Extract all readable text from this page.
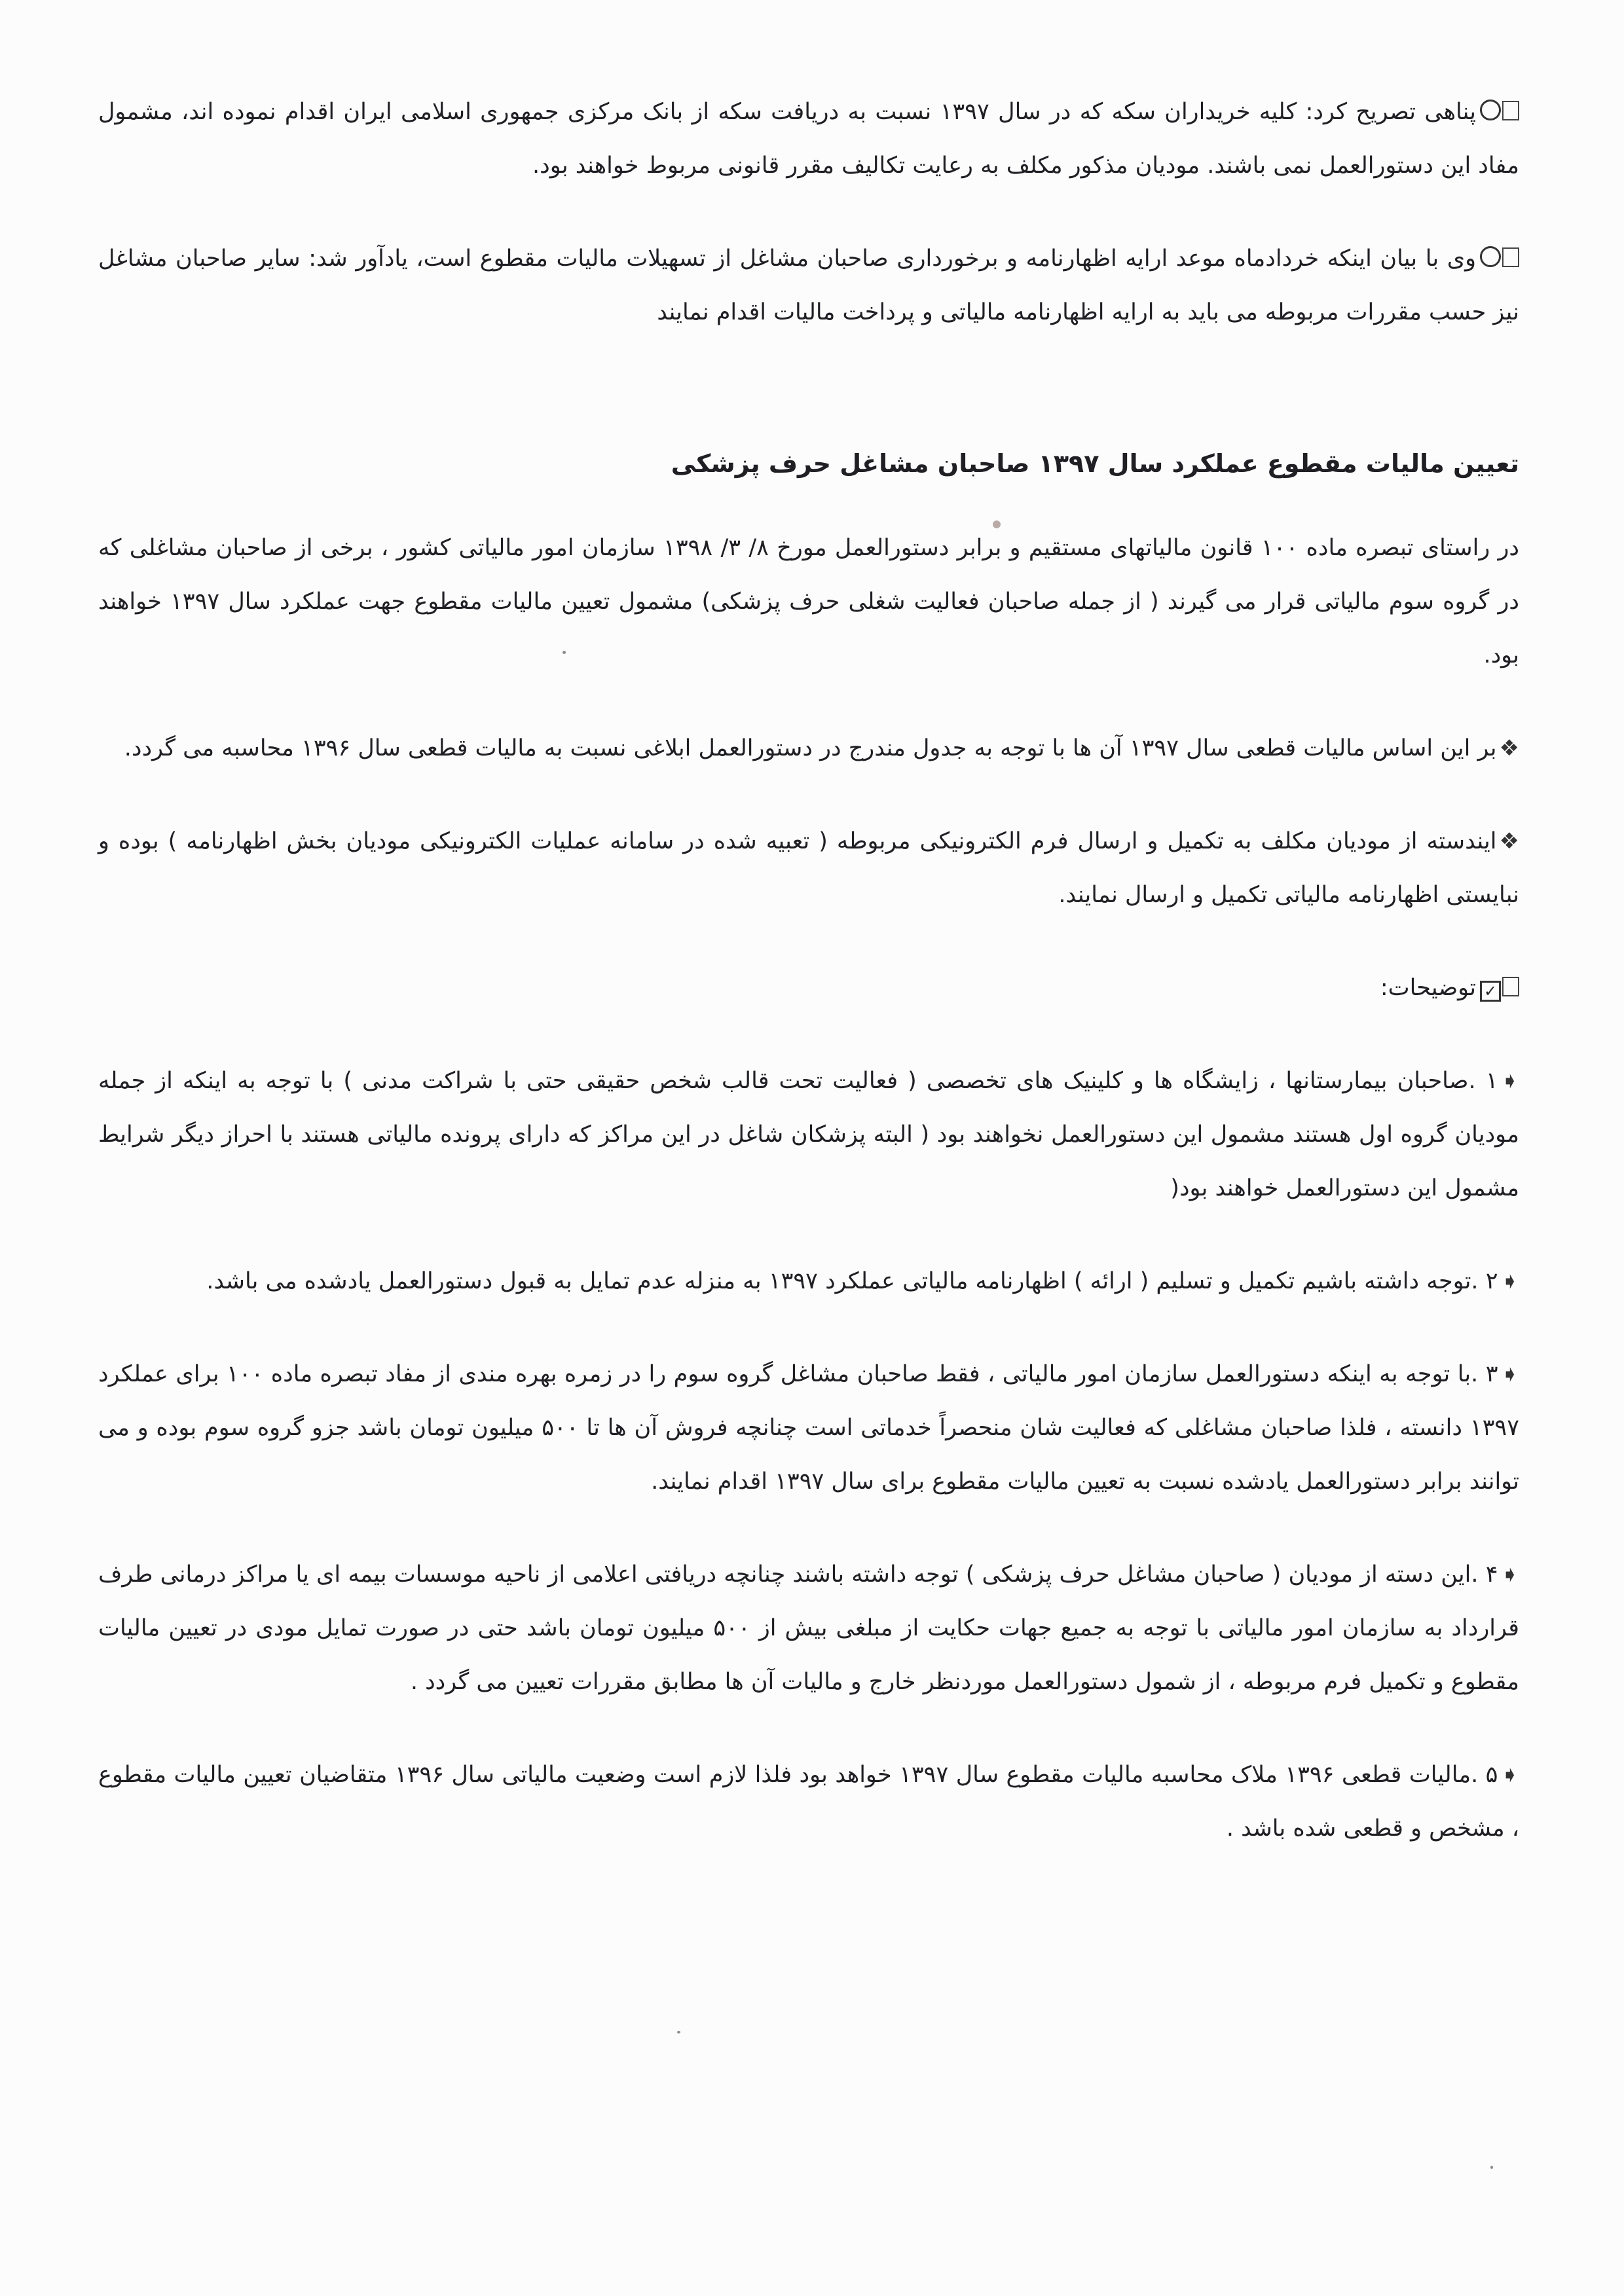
پناهی تصریح کرد: کلیه خریداران سکه که در سال ۱۳۹۷ نسبت به دریافت سکه از بانک مرکزی جمهوری اسلامی ایران اقدام نموده اند، مشمول مفاد این دستورالعمل نمی باشند. مودیان مذکور مکلف به رعایت تکالیف مقرر قانونی مربوط خواهند بود.

وی با بیان اینکه خردادماه موعد ارایه اظهارنامه و برخورداری صاحبان مشاغل از تسهیلات مالیات مقطوع است، یادآور شد: سایر صاحبان مشاغل نیز حسب مقررات مربوطه می باید به ارایه اظهارنامه مالیاتی و پرداخت مالیات اقدام نمایند

تعیین مالیات مقطوع عملکرد سال ۱۳۹۷ صاحبان مشاغل حرف پزشکی

در راستای تبصره ماده ۱۰۰ قانون مالیاتهای مستقیم و برابر دستورالعمل مورخ ۸/ ۳/ ۱۳۹۸ سازمان امور مالیاتی کشور ، برخی از صاحبان مشاغلی که در گروه سوم مالیاتی قرار می گیرند ( از جمله صاحبان فعالیت شغلی حرف پزشکی) مشمول تعیین مالیات مقطوع جهت عملکرد سال ۱۳۹۷ خواهند بود.

❖بر این اساس مالیات قطعی سال ۱۳۹۷ آن ها با توجه به جدول مندرج در دستورالعمل ابلاغی نسبت به مالیات قطعی سال ۱۳۹۶ محاسبه می گردد.

❖ایندسته از مودیان مکلف به تکمیل و ارسال فرم الکترونیکی مربوطه ( تعبیه شده در سامانه عملیات الکترونیکی مودیان بخش اظهارنامه ) بوده و نبایستی اظهارنامه مالیاتی تکمیل و ارسال نمایند.

✓توضیحات:

➧۱ .صاحبان بیمارستانها ، زایشگاه ها و کلینیک های تخصصی ( فعالیت تحت قالب شخص حقیقی حتی با شراکت مدنی ) با توجه به اینکه از جمله مودیان گروه اول هستند مشمول این دستورالعمل نخواهند بود ( البته پزشکان شاغل در این مراکز که دارای پرونده مالیاتی هستند با احراز دیگر شرایط مشمول این دستورالعمل خواهند بود(

➧۲ .توجه داشته باشیم تکمیل و تسلیم ( ارائه ) اظهارنامه مالیاتی عملکرد ۱۳۹۷ به منزله عدم تمایل به قبول دستورالعمل یادشده می باشد.

➧۳ .با توجه به اینکه دستورالعمل سازمان امور مالیاتی ، فقط صاحبان مشاغل گروه سوم را در زمره بهره مندی از مفاد تبصره ماده ۱۰۰ برای عملکرد ۱۳۹۷ دانسته ، فلذا صاحبان مشاغلی که فعالیت شان منحصراً خدماتی است چنانچه فروش آن ها تا ۵۰۰ میلیون تومان باشد جزو گروه سوم بوده و می توانند برابر دستورالعمل یادشده نسبت به تعیین مالیات مقطوع برای سال ۱۳۹۷ اقدام نمایند.

➧۴ .این دسته از مودیان ( صاحبان مشاغل حرف پزشکی ) توجه داشته باشند چنانچه دریافتی اعلامی از ناحیه موسسات بیمه ای یا مراکز درمانی طرف قرارداد به سازمان امور مالیاتی با توجه به جمیع جهات حکایت از مبلغی بیش از ۵۰۰ میلیون تومان باشد حتی در صورت تمایل مودی در تعیین مالیات مقطوع و تکمیل فرم مربوطه ، از شمول دستورالعمل موردنظر خارج و مالیات آن ها مطابق مقررات تعیین می گردد .

➧۵ .مالیات قطعی ۱۳۹۶ ملاک محاسبه مالیات مقطوع سال ۱۳۹۷ خواهد بود فلذا لازم است وضعیت مالیاتی سال ۱۳۹۶ متقاضیان تعیین مالیات مقطوع ، مشخص و قطعی شده باشد .
